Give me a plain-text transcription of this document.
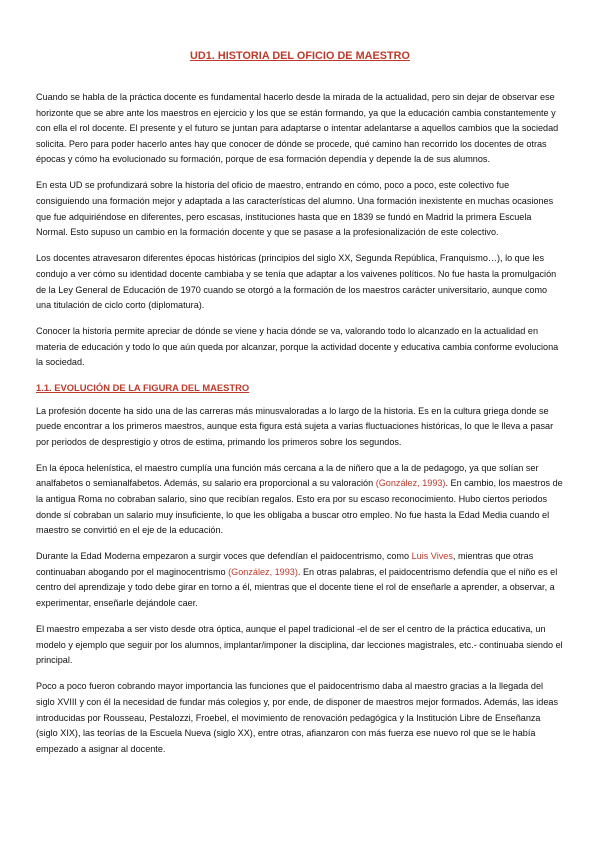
UD1. HISTORIA DEL OFICIO DE MAESTRO

Cuando se habla de la práctica docente es fundamental hacerlo desde la mirada de la actualidad, pero sin dejar de observar ese horizonte que se abre ante los maestros en ejercicio y los que se están formando, ya que la educación cambia constantemente y con ella el rol docente. El presente y el futuro se juntan para adaptarse o intentar adelantarse a aquellos cambios que la sociedad solicita. Pero para poder hacerlo antes hay que conocer de dónde se procede, qué camino han recorrido los docentes de otras épocas y cómo ha evolucionado su formación, porque de esa formación dependía y depende la de sus alumnos.

En esta UD se profundizará sobre la historia del oficio de maestro, entrando en cómo, poco a poco, este colectivo fue consiguiendo una formación mejor y adaptada a las características del alumno. Una formación inexistente en muchas ocasiones que fue adquiriéndose en diferentes, pero escasas, instituciones hasta que en 1839 se fundó en Madrid la primera Escuela Normal. Esto supuso un cambio en la formación docente y que se pasase a la profesionalización de este colectivo.

Los docentes atravesaron diferentes épocas históricas (principios del siglo XX, Segunda República, Franquismo…), lo que les condujo a ver cómo su identidad docente cambiaba y se tenía que adaptar a los vaivenes políticos. No fue hasta la promulgación de la Ley General de Educación de 1970 cuando se otorgó a la formación de los maestros carácter universitario, aunque como una titulación de ciclo corto (diplomatura).

Conocer la historia permite apreciar de dónde se viene y hacia dónde se va, valorando todo lo alcanzado en la actualidad en materia de educación y todo lo que aún queda por alcanzar, porque la actividad docente y educativa cambia conforme evoluciona la sociedad.

1.1. EVOLUCIÓN DE LA FIGURA DEL MAESTRO

La profesión docente ha sido una de las carreras más minusvaloradas a lo largo de la historia. Es en la cultura griega donde se puede encontrar a los primeros maestros, aunque esta figura está sujeta a varias fluctuaciones históricas, lo que le lleva a pasar por periodos de desprestigio y otros de estima, primando los primeros sobre los segundos.

En la época helenística, el maestro cumplía una función más cercana a la de niñero que a la de pedagogo, ya que solían ser analfabetos o semianalfabetos. Además, su salario era proporcional a su valoración (González, 1993). En cambio, los maestros de la antigua Roma no cobraban salario, sino que recibían regalos. Esto era por su escaso reconocimiento. Hubo ciertos periodos donde sí cobraban un salario muy insuficiente, lo que les obligaba a buscar otro empleo. No fue hasta la Edad Media cuando el maestro se convirtió en el eje de la educación.

Durante la Edad Moderna empezaron a surgir voces que defendían el paidocentrismo, como Luis Vives, mientras que otras continuaban abogando por el maginocentrismo (González, 1993). En otras palabras, el paidocentrismo defendía que el niño es el centro del aprendizaje y todo debe girar en torno a él, mientras que el docente tiene el rol de enseñarle a aprender, a observar, a experimentar, enseñarle dejándole caer.

El maestro empezaba a ser visto desde otra óptica, aunque el papel tradicional -el de ser el centro de la práctica educativa, un modelo y ejemplo que seguir por los alumnos, implantar/imponer la disciplina, dar lecciones magistrales, etc.- continuaba siendo el principal.

Poco a poco fueron cobrando mayor importancia las funciones que el paidocentrismo daba al maestro gracias a la llegada del siglo XVIII y con él la necesidad de fundar más colegios y, por ende, de disponer de maestros mejor formados. Además, las ideas introducidas por Rousseau, Pestalozzi, Froebel, el movimiento de renovación pedagógica y la Institución Libre de Enseñanza (siglo XIX), las teorías de la Escuela Nueva (siglo XX), entre otras, afianzaron con más fuerza ese nuevo rol que se le había empezado a asignar al docente.
